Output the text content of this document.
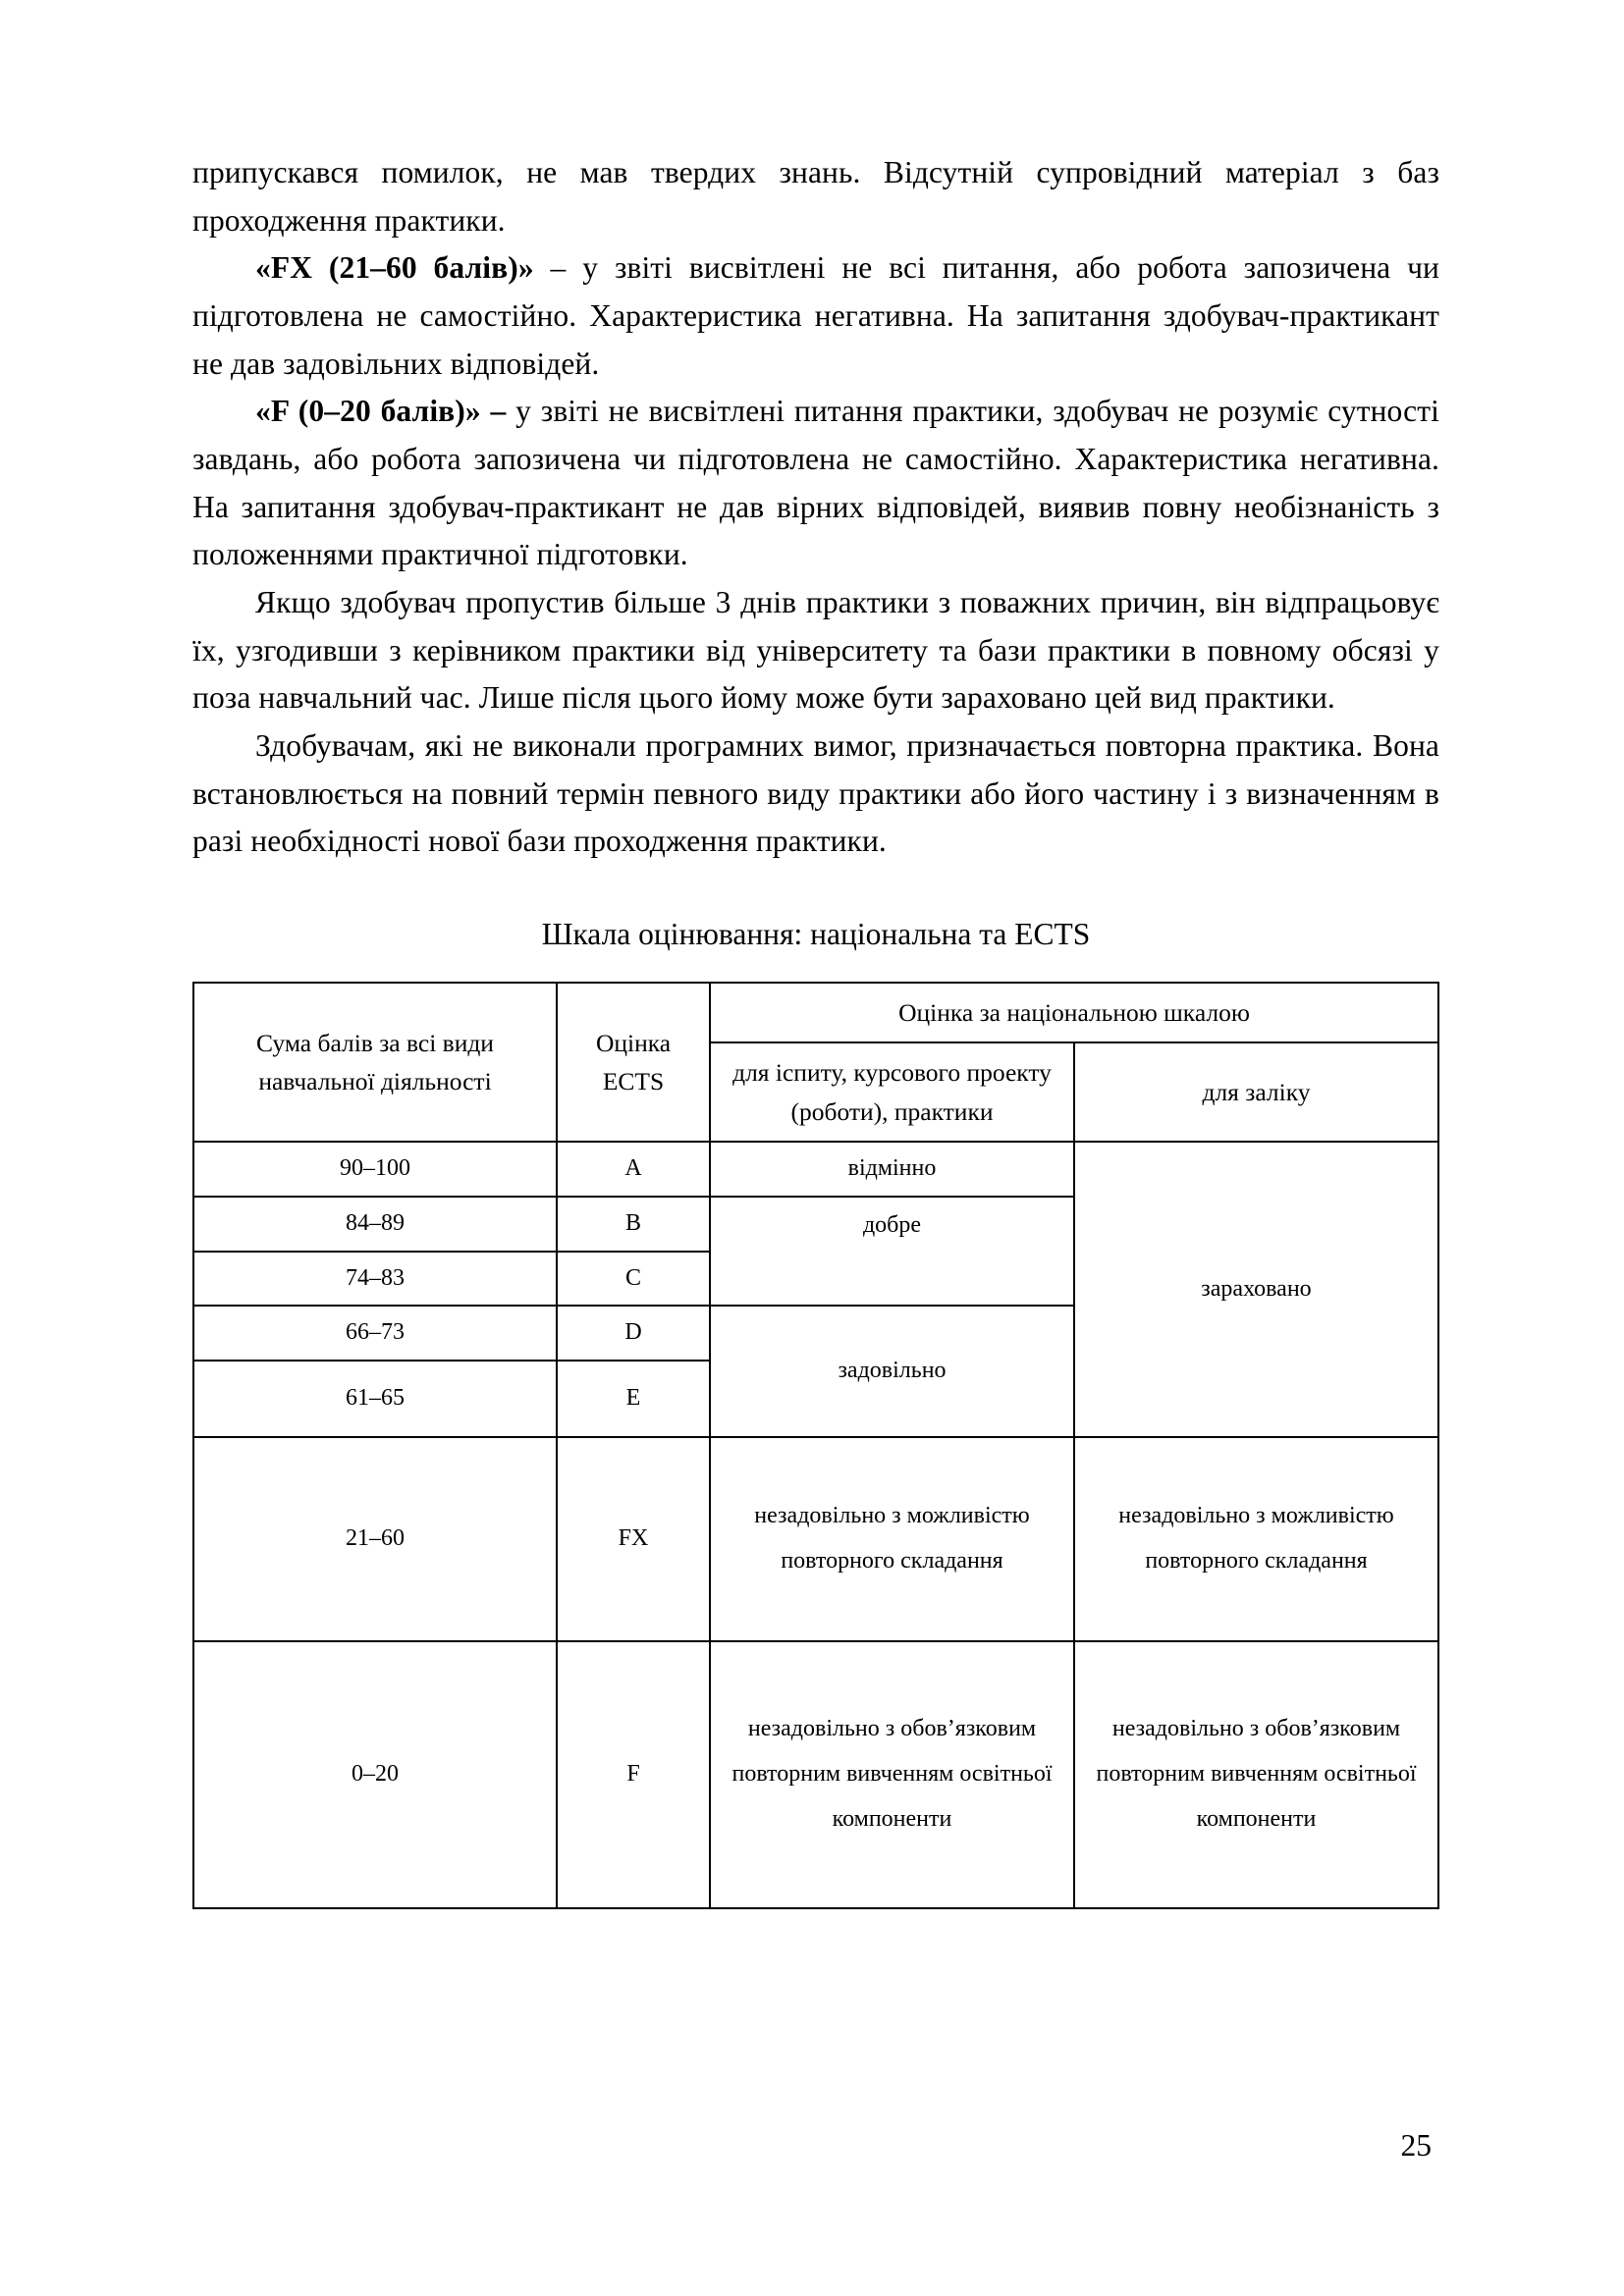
припускався помилок, не мав твердих знань. Відсутній супровідний матеріал з баз проходження практики.

«FX (21–60 балів)» – у звіті висвітлені не всі питання, або робота запозичена чи підготовлена не самостійно. Характеристика негативна. На запитання здобувач-практикант не дав задовільних відповідей.

«F (0–20 балів)» – у звіті не висвітлені питання практики, здобувач не розуміє сутності завдань, або робота запозичена чи підготовлена не самостійно. Характеристика негативна. На запитання здобувач-практикант не дав вірних відповідей, виявив повну необізнаність з положеннями практичної підготовки.

Якщо здобувач пропустив більше 3 днів практики з поважних причин, він відпрацьовує їх, узгодивши з керівником практики від університету та бази практики в повному обсязі у поза навчальний час. Лише після цього йому може бути зараховано цей вид практики.

Здобувачам, які не виконали програмних вимог, призначається повторна практика. Вона встановлюється на повний термін певного виду практики або його частину і з визначенням в разі необхідності нової бази проходження практики.

Шкала оцінювання: національна та ECTS

Сума балів за всі види навчальної діяльності	Оцінка ECTS	Оцінка за національною шкалою	
		для іспиту, курсового проекту (роботи), практики	для заліку
90–100	A	відмінно	зараховано
84–89	B	добре	
74–83	C		
66–73	D	задовільно	
61–65	E		
21–60	FX	незадовільно з можливістю повторного складання	незадовільно з можливістю повторного складання
0–20	F	незадовільно з обов’язковим повторним вивченням освітньої компоненти	незадовільно з обов’язковим повторним вивченням освітньої компоненти
25
